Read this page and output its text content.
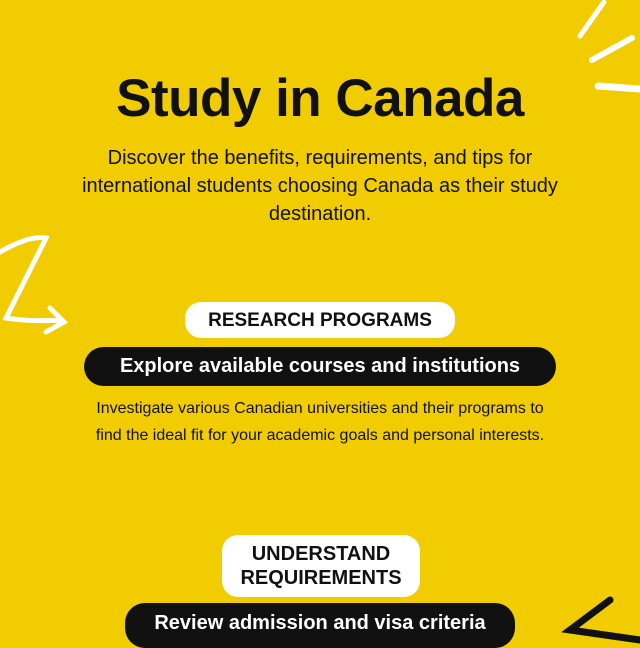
Study in Canada
Discover the benefits, requirements, and tips for international students choosing Canada as their study destination.
RESEARCH PROGRAMS
Explore available courses and institutions
Investigate various Canadian universities and their programs to find the ideal fit for your academic goals and personal interests.
UNDERSTAND REQUIREMENTS
Review admission and visa criteria
